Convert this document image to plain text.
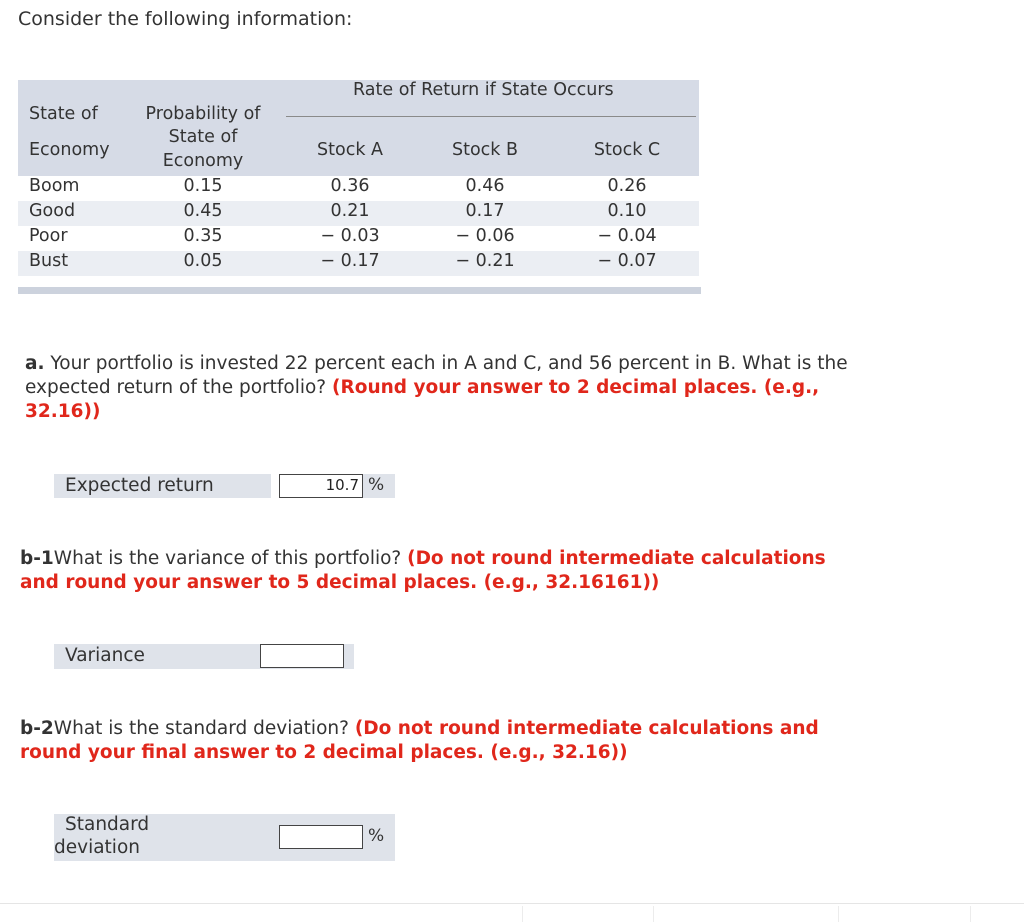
Consider the following information:
Rate of Return if State Occurs
State of
Economy
Probability of
State of
Economy
Stock A	Stock B	Stock C
Boom	0.15	0.36	0.46	0.26
Good	0.45	0.21	0.17	0.10
Poor	0.35	− 0.03	− 0.06	− 0.04
Bust	0.05	− 0.17	− 0.21	− 0.07
a. Your portfolio is invested 22 percent each in A and C, and 56 percent in B. What is the expected return of the portfolio? (Round your answer to 2 decimal places. (e.g., 32.16))
Expected return	10.7 %
b-1What is the variance of this portfolio? (Do not round intermediate calculations and round your answer to 5 decimal places. (e.g., 32.16161))
Variance
b-2What is the standard deviation? (Do not round intermediate calculations and round your final answer to 2 decimal places. (e.g., 32.16))
Standard
deviation
%
